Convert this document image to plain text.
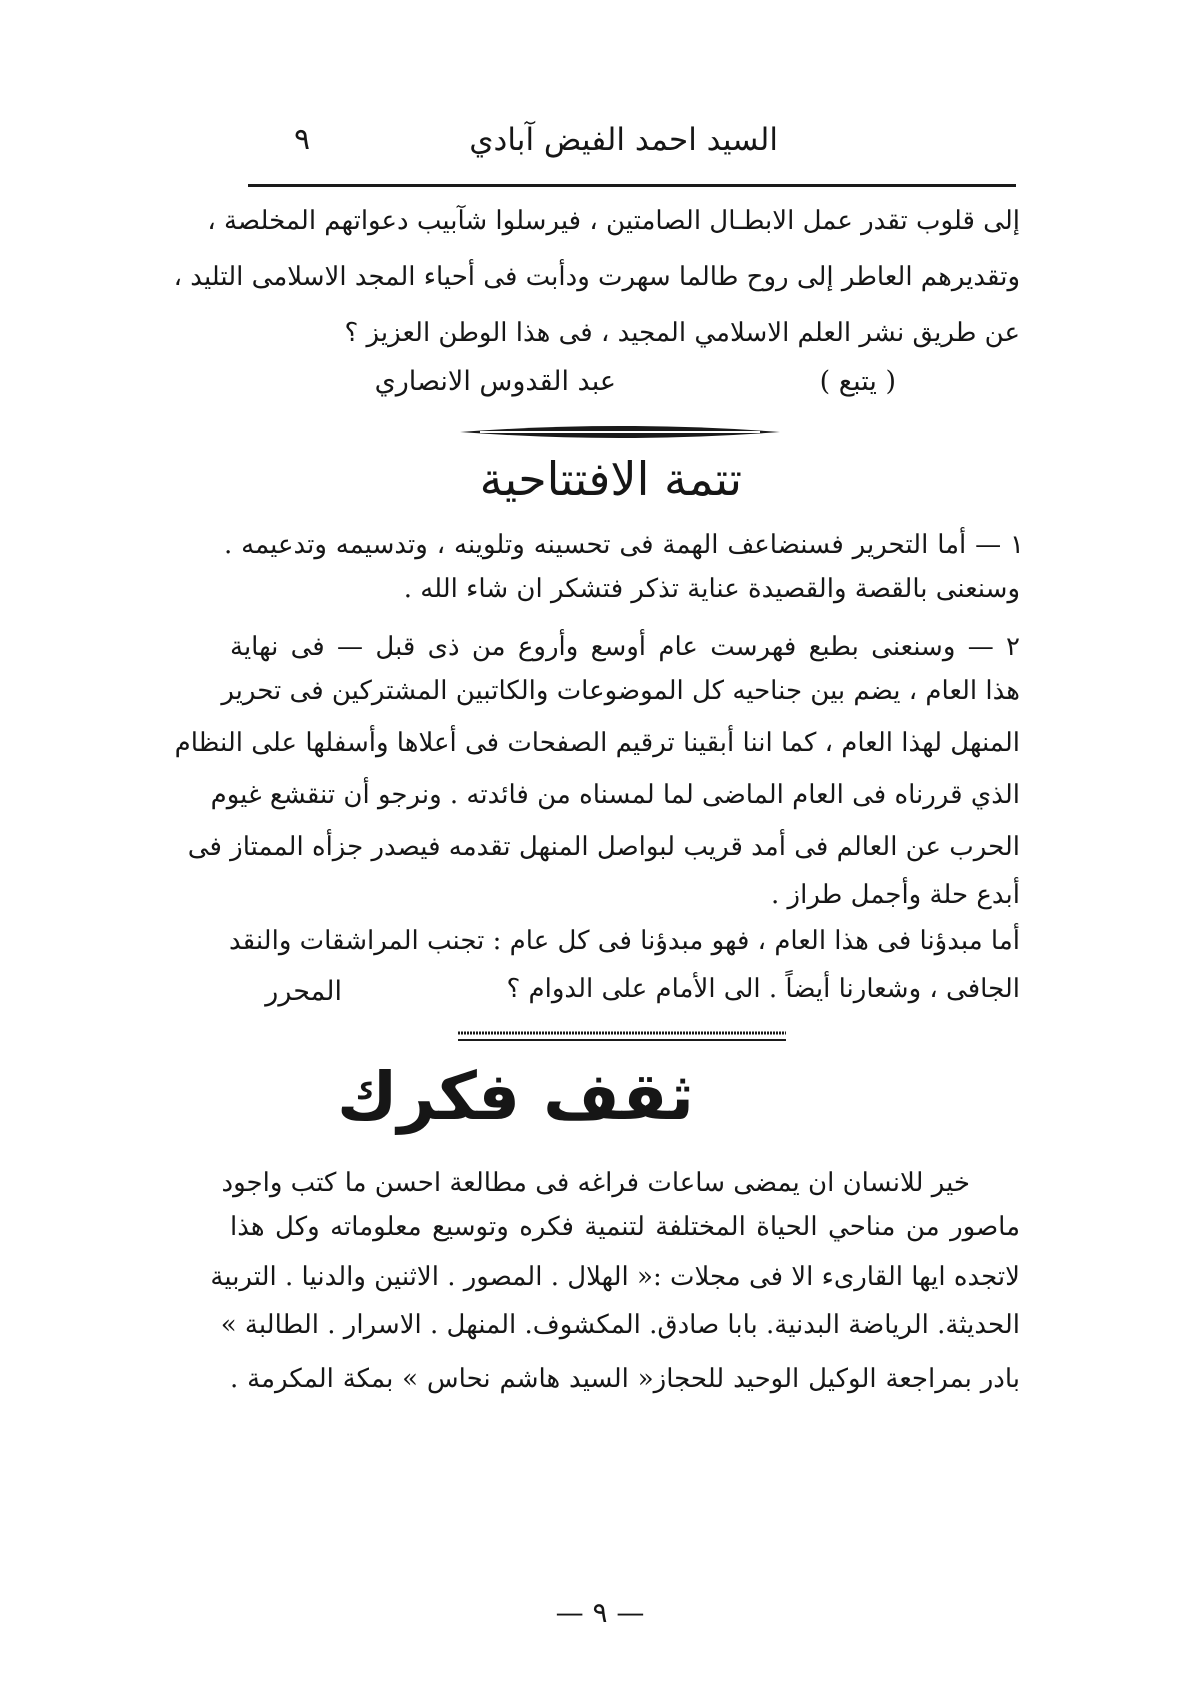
السيد احمد الفيض آبادي
٩
إلى قلوب تقدر عمل الابطـال الصامتين ، فيرسلوا شآبيب دعواتهم المخلصة ،
وتقديرهم العاطر إلى روح طالما سهرت ودأبت فى أحياء المجد الاسلامى التليد ،
عن طريق نشر العلم الاسلامي المجيد ، فى هذا الوطن العزيز ؟
( يتبع )
عبد القدوس الانصاري
تتمة الافتتاحية
١ — أما التحرير فسنضاعف الهمة فى تحسينه وتلوينه ، وتدسيمه وتدعيمه .
وسنعنى بالقصة والقصيدة عناية تذكر فتشكر ان شاء الله .
٢ — وسنعنى بطبع فهرست عام أوسع وأروع من ذى قبل — فى نهاية
هذا العام ، يضم بين جناحيه كل الموضوعات والكاتبين المشتركين فى تحرير
المنهل لهذا العام ، كما اننا أبقينا ترقيم الصفحات فى أعلاها وأسفلها على النظام
الذي قررناه فى العام الماضى لما لمسناه من فائدته . ونرجو أن تنقشع غيوم
الحرب عن العالم فى أمد قريب لبواصل المنهل تقدمه فيصدر جزأه الممتاز فى
أبدع حلة وأجمل طراز .
أما مبدؤنا فى هذا العام ، فهو مبدؤنا فى كل عام : تجنب المراشقات والنقد
الجافى ، وشعارنا أيضاً . الى الأمام على الدوام ؟
المحرر
ثقف فكرك
خير للانسان ان يمضى ساعات فراغه فى مطالعة احسن ما كتب واجود
ماصور من مناحي الحياة المختلفة لتنمية فكره وتوسيع معلوماته وكل هذا
لاتجده ايها القارىء الا فى مجلات :« الهلال . المصور . الاثنين والدنيا . التربية
الحديثة. الرياضة البدنية. بابا صادق. المكشوف. المنهل . الاسرار . الطالبة »
بادر بمراجعة الوكيل الوحيد للحجاز« السيد هاشم نحاس » بمكة المكرمة .
— ٩ —
